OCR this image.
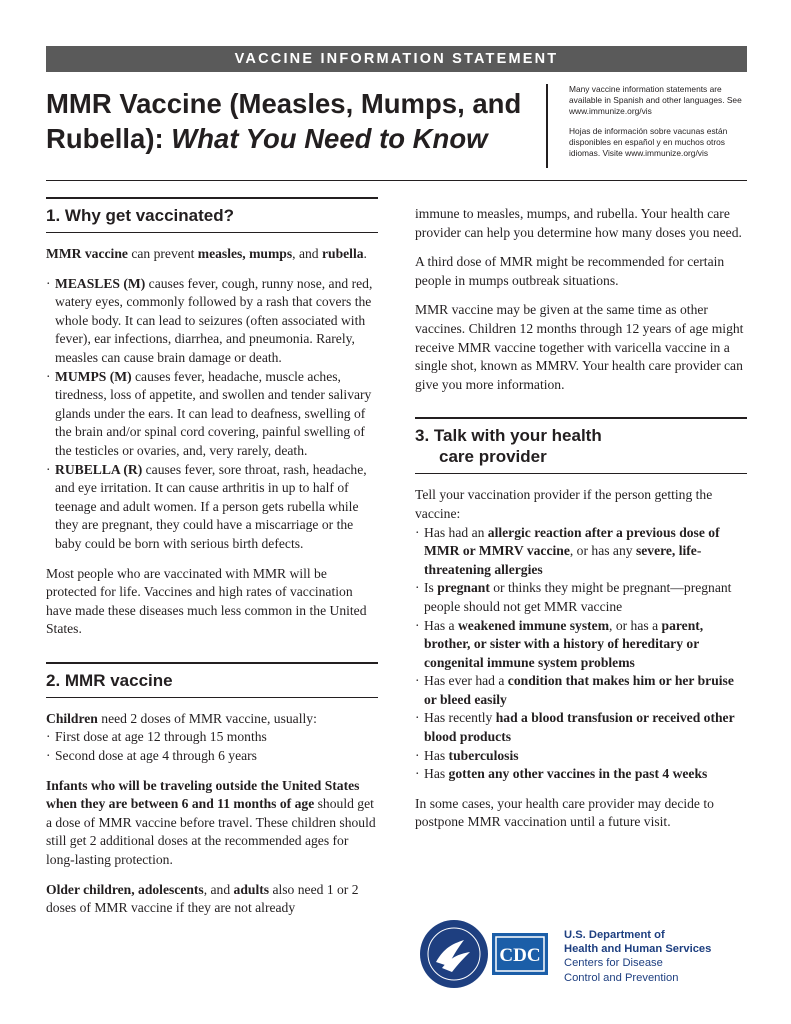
VACCINE INFORMATION STATEMENT
MMR Vaccine (Measles, Mumps, and Rubella): What You Need to Know

Many vaccine information statements are available in Spanish and other languages. See www.immunize.org/vis

Hojas de información sobre vacunas están disponibles en español y en muchos otros idiomas. Visite www.immunize.org/vis

1. Why get vaccinated?

MMR vaccine can prevent measles, mumps, and rubella.

· MEASLES (M) causes fever, cough, runny nose, and red, watery eyes, commonly followed by a rash that covers the whole body. It can lead to seizures (often associated with fever), ear infections, diarrhea, and pneumonia. Rarely, measles can cause brain damage or death.
· MUMPS (M) causes fever, headache, muscle aches, tiredness, loss of appetite, and swollen and tender salivary glands under the ears. It can lead to deafness, swelling of the brain and/or spinal cord covering, painful swelling of the testicles or ovaries, and, very rarely, death.
· RUBELLA (R) causes fever, sore throat, rash, headache, and eye irritation. It can cause arthritis in up to half of teenage and adult women. If a person gets rubella while they are pregnant, they could have a miscarriage or the baby could be born with serious birth defects.

Most people who are vaccinated with MMR will be protected for life. Vaccines and high rates of vaccination have made these diseases much less common in the United States.

2. MMR vaccine

Children need 2 doses of MMR vaccine, usually:

· First dose at age 12 through 15 months
· Second dose at age 4 through 6 years

Infants who will be traveling outside the United States when they are between 6 and 11 months of age should get a dose of MMR vaccine before travel. These children should still get 2 additional doses at the recommended ages for long-lasting protection.

Older children, adolescents, and adults also need 1 or 2 doses of MMR vaccine if they are not already

immune to measles, mumps, and rubella. Your health care provider can help you determine how many doses you need.

A third dose of MMR might be recommended for certain people in mumps outbreak situations.

MMR vaccine may be given at the same time as other vaccines. Children 12 months through 12 years of age might receive MMR vaccine together with varicella vaccine in a single shot, known as MMRV. Your health care provider can give you more information.

3. Talk with your health
care provider

Tell your vaccination provider if the person getting the vaccine:

· Has had an allergic reaction after a previous dose of MMR or MMRV vaccine, or has any severe, life-threatening allergies
· Is pregnant or thinks they might be pregnant—pregnant people should not get MMR vaccine
· Has a weakened immune system, or has a parent, brother, or sister with a history of hereditary or congenital immune system problems
· Has ever had a condition that makes him or her bruise or bleed easily
· Has recently had a blood transfusion or received other blood products
· Has tuberculosis
· Has gotten any other vaccines in the past 4 weeks

In some cases, your health care provider may decide to postpone MMR vaccination until a future visit.

CDC
U.S. Department of
Health and Human Services
Centers for Disease
Control and Prevention
